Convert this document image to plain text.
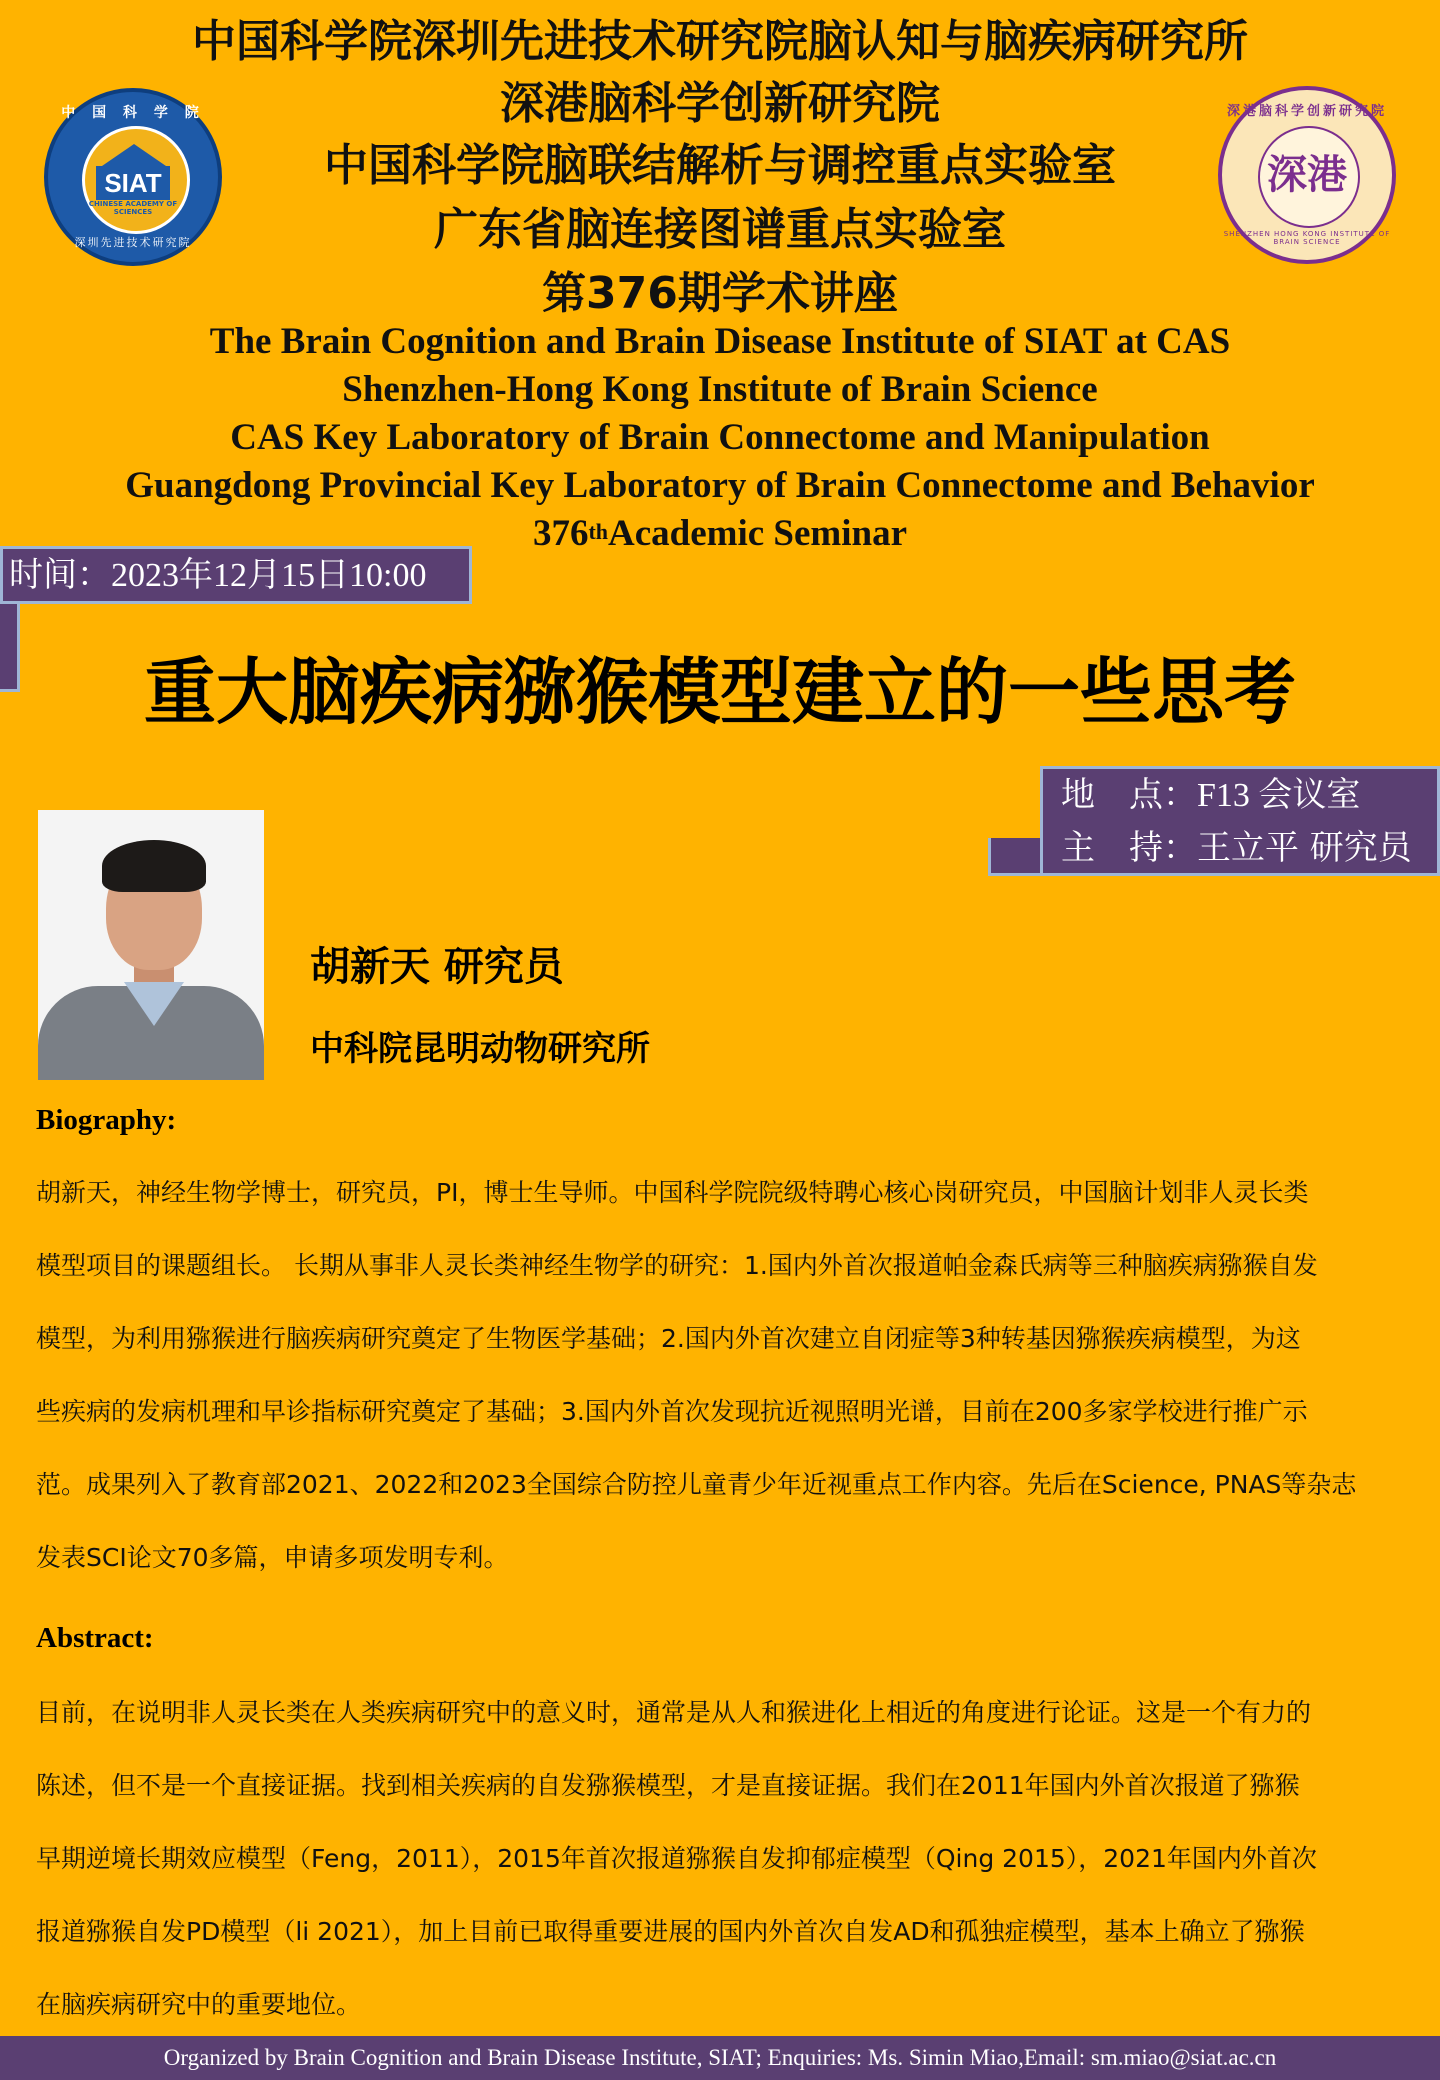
中国科学院深圳先进技术研究院脑认知与脑疾病研究所
深港脑科学创新研究院
中国科学院脑联结解析与调控重点实验室
广东省脑连接图谱重点实验室
第376期学术讲座
The Brain Cognition and Brain Disease Institute of SIAT at CAS
Shenzhen-Hong Kong Institute of Brain Science
CAS Key Laboratory of Brain Connectome and Manipulation
Guangdong Provincial Key Laboratory of Brain Connectome and Behavior
376thAcademic Seminar
中 国 科 学 院
SIAT
CHINESE ACADEMY OF SCIENCES
深圳先进技术研究院
深港脑科学创新研究院
深港
SHENZHEN HONG KONG INSTITUTE OF BRAIN SCIENCE
时间：2023年12月15日10:00
重大脑疾病猕猴模型建立的一些思考
地　点：F13 会议室
主　持：王立平 研究员
胡新天 研究员
中科院昆明动物研究所
Biography:
胡新天，神经生物学博士，研究员，PI，博士生导师。中国科学院院级特聘心核心岗研究员，中国脑计划非人灵长类
模型项目的课题组长。 长期从事非人灵长类神经生物学的研究：1.国内外首次报道帕金森氏病等三种脑疾病猕猴自发
模型，为利用猕猴进行脑疾病研究奠定了生物医学基础；2.国内外首次建立自闭症等3种转基因猕猴疾病模型，为这
些疾病的发病机理和早诊指标研究奠定了基础；3.国内外首次发现抗近视照明光谱，目前在200多家学校进行推广示
范。成果列入了教育部2021、2022和2023全国综合防控儿童青少年近视重点工作内容。先后在Science, PNAS等杂志
发表SCI论文70多篇，申请多项发明专利。
Abstract:
目前，在说明非人灵长类在人类疾病研究中的意义时，通常是从人和猴进化上相近的角度进行论证。这是一个有力的
陈述，但不是一个直接证据。找到相关疾病的自发猕猴模型，才是直接证据。我们在2011年国内外首次报道了猕猴
早期逆境长期效应模型（Feng，2011），2015年首次报道猕猴自发抑郁症模型（Qing 2015），2021年国内外首次
报道猕猴自发PD模型（li 2021），加上目前已取得重要进展的国内外首次自发AD和孤独症模型，基本上确立了猕猴
在脑疾病研究中的重要地位。
Organized by Brain Cognition and Brain Disease Institute, SIAT; Enquiries: Ms. Simin Miao,Email: sm.miao@siat.ac.cn
